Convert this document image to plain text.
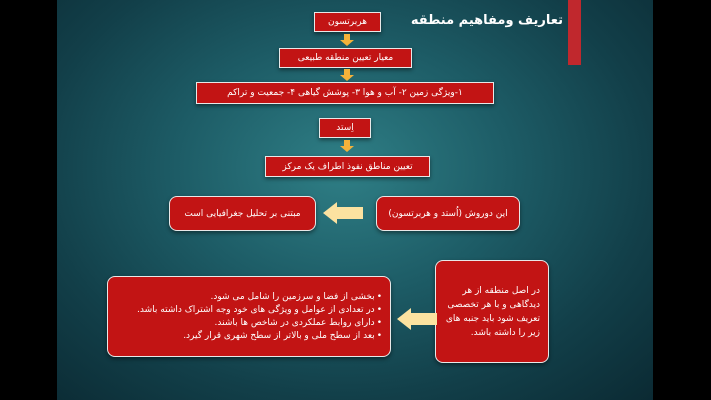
تعاریف ومفاهیم منطقه
هربرتسون
معیار تعیین منطقه طبیعی
۱-ویژگی زمین ۲- آب و هوا ۳- پوشش گیاهی ۴- جمعیت و تراکم
اِستد
تعیین مناطق نفوذ اطراف یک مرکز
این دوروش (اُستد و هربرتسون)
مبتنی بر تحلیل جغرافیایی است
در اصل منطقه از هر دیدگاهی و با هر تخصصی تعریف شود باید جنبه های زیر را داشته باشد.
• بخشی از فضا و سرزمین را شامل می شود.
• در تعدادی از عوامل و ویژگی های خود وجه اشتراک داشته باشد.
• دارای روابط عملکردی در شاخص ها باشند.
• بعد از سطح ملی و بالاتر از سطح شهری قرار گیرد.
